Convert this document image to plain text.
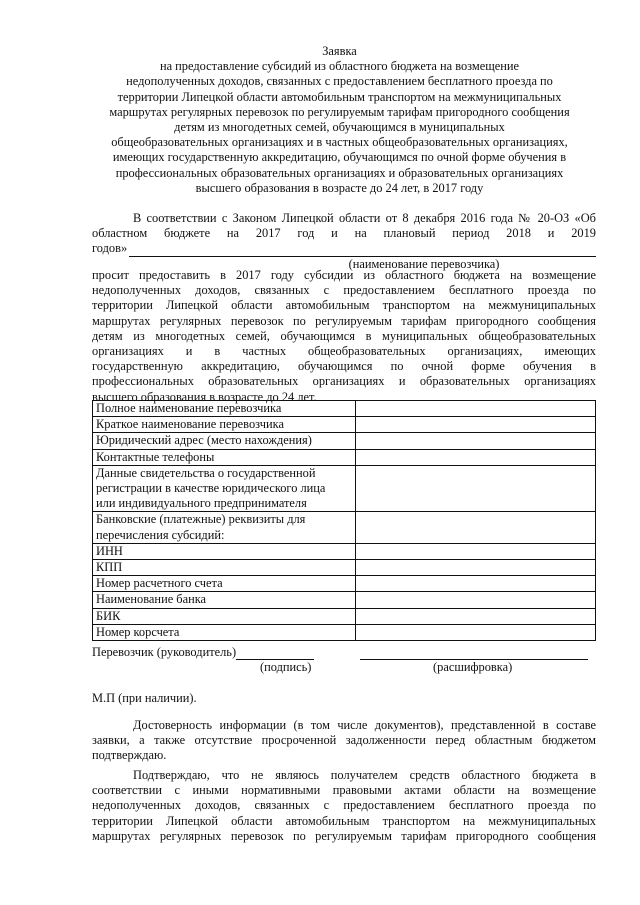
Заявка
на предоставление субсидий из областного бюджета на возмещение
недополученных доходов, связанных с предоставлением бесплатного проезда по
территории Липецкой области автомобильным транспортом на межмуниципальных
маршрутах регулярных перевозок по регулируемым тарифам пригородного сообщения
детям из многодетных семей, обучающимся в муниципальных
общеобразовательных организациях и в частных общеобразовательных организациях,
имеющих государственную аккредитацию, обучающимся по очной форме обучения в
профессиональных образовательных организациях и образовательных организациях
высшего образования в возрасте до 24 лет, в 2017 году
В соответствии с Законом Липецкой области от 8 декабря 2016 года № 20-ОЗ «Об
областном бюджете на 2017 год и на плановый период 2018 и 2019
годов»
(наименование перевозчика)
просит предоставить в 2017 году субсидии из областного бюджета на возмещение
недополученных доходов, связанных с предоставлением бесплатного проезда по
территории Липецкой области автомобильным транспортом на межмуниципальных
маршрутах регулярных перевозок по регулируемым тарифам пригородного сообщения
детям из многодетных семей, обучающимся в муниципальных общеобразовательных
организациях и в частных общеобразовательных организациях, имеющих
государственную аккредитацию, обучающимся по очной форме обучения в
профессиональных образовательных организациях и образовательных организациях
высшего образования в возрасте до 24 лет.
Полное наименование перевозчика	
Краткое наименование перевозчика	
Юридический адрес (место нахождения)	
Контактные телефоны	

Данные свидетельства о государственной
регистрации в качестве юридического лица
или индивидуального предпринимателя	

Банковские (платежные) реквизиты для
перечисления субсидий:	

ИНН	
КПП	
Номер расчетного счета	
Наименование банка	
БИК	
Номер корсчета	
Перевозчик (руководитель)
(подпись)	(расшифровка)
М.П (при наличии).
Достоверность информации (в том числе документов), представленной в составе
заявки, а также отсутствие просроченной задолженности перед областным бюджетом
подтверждаю.
Подтверждаю, что не являюсь получателем средств областного бюджета в
соответствии с иными нормативными правовыми актами области на возмещение
недополученных доходов, связанных с предоставлением бесплатного проезда по
территории Липецкой области автомобильным транспортом на межмуниципальных
маршрутах регулярных перевозок по регулируемым тарифам пригородного сообщения
